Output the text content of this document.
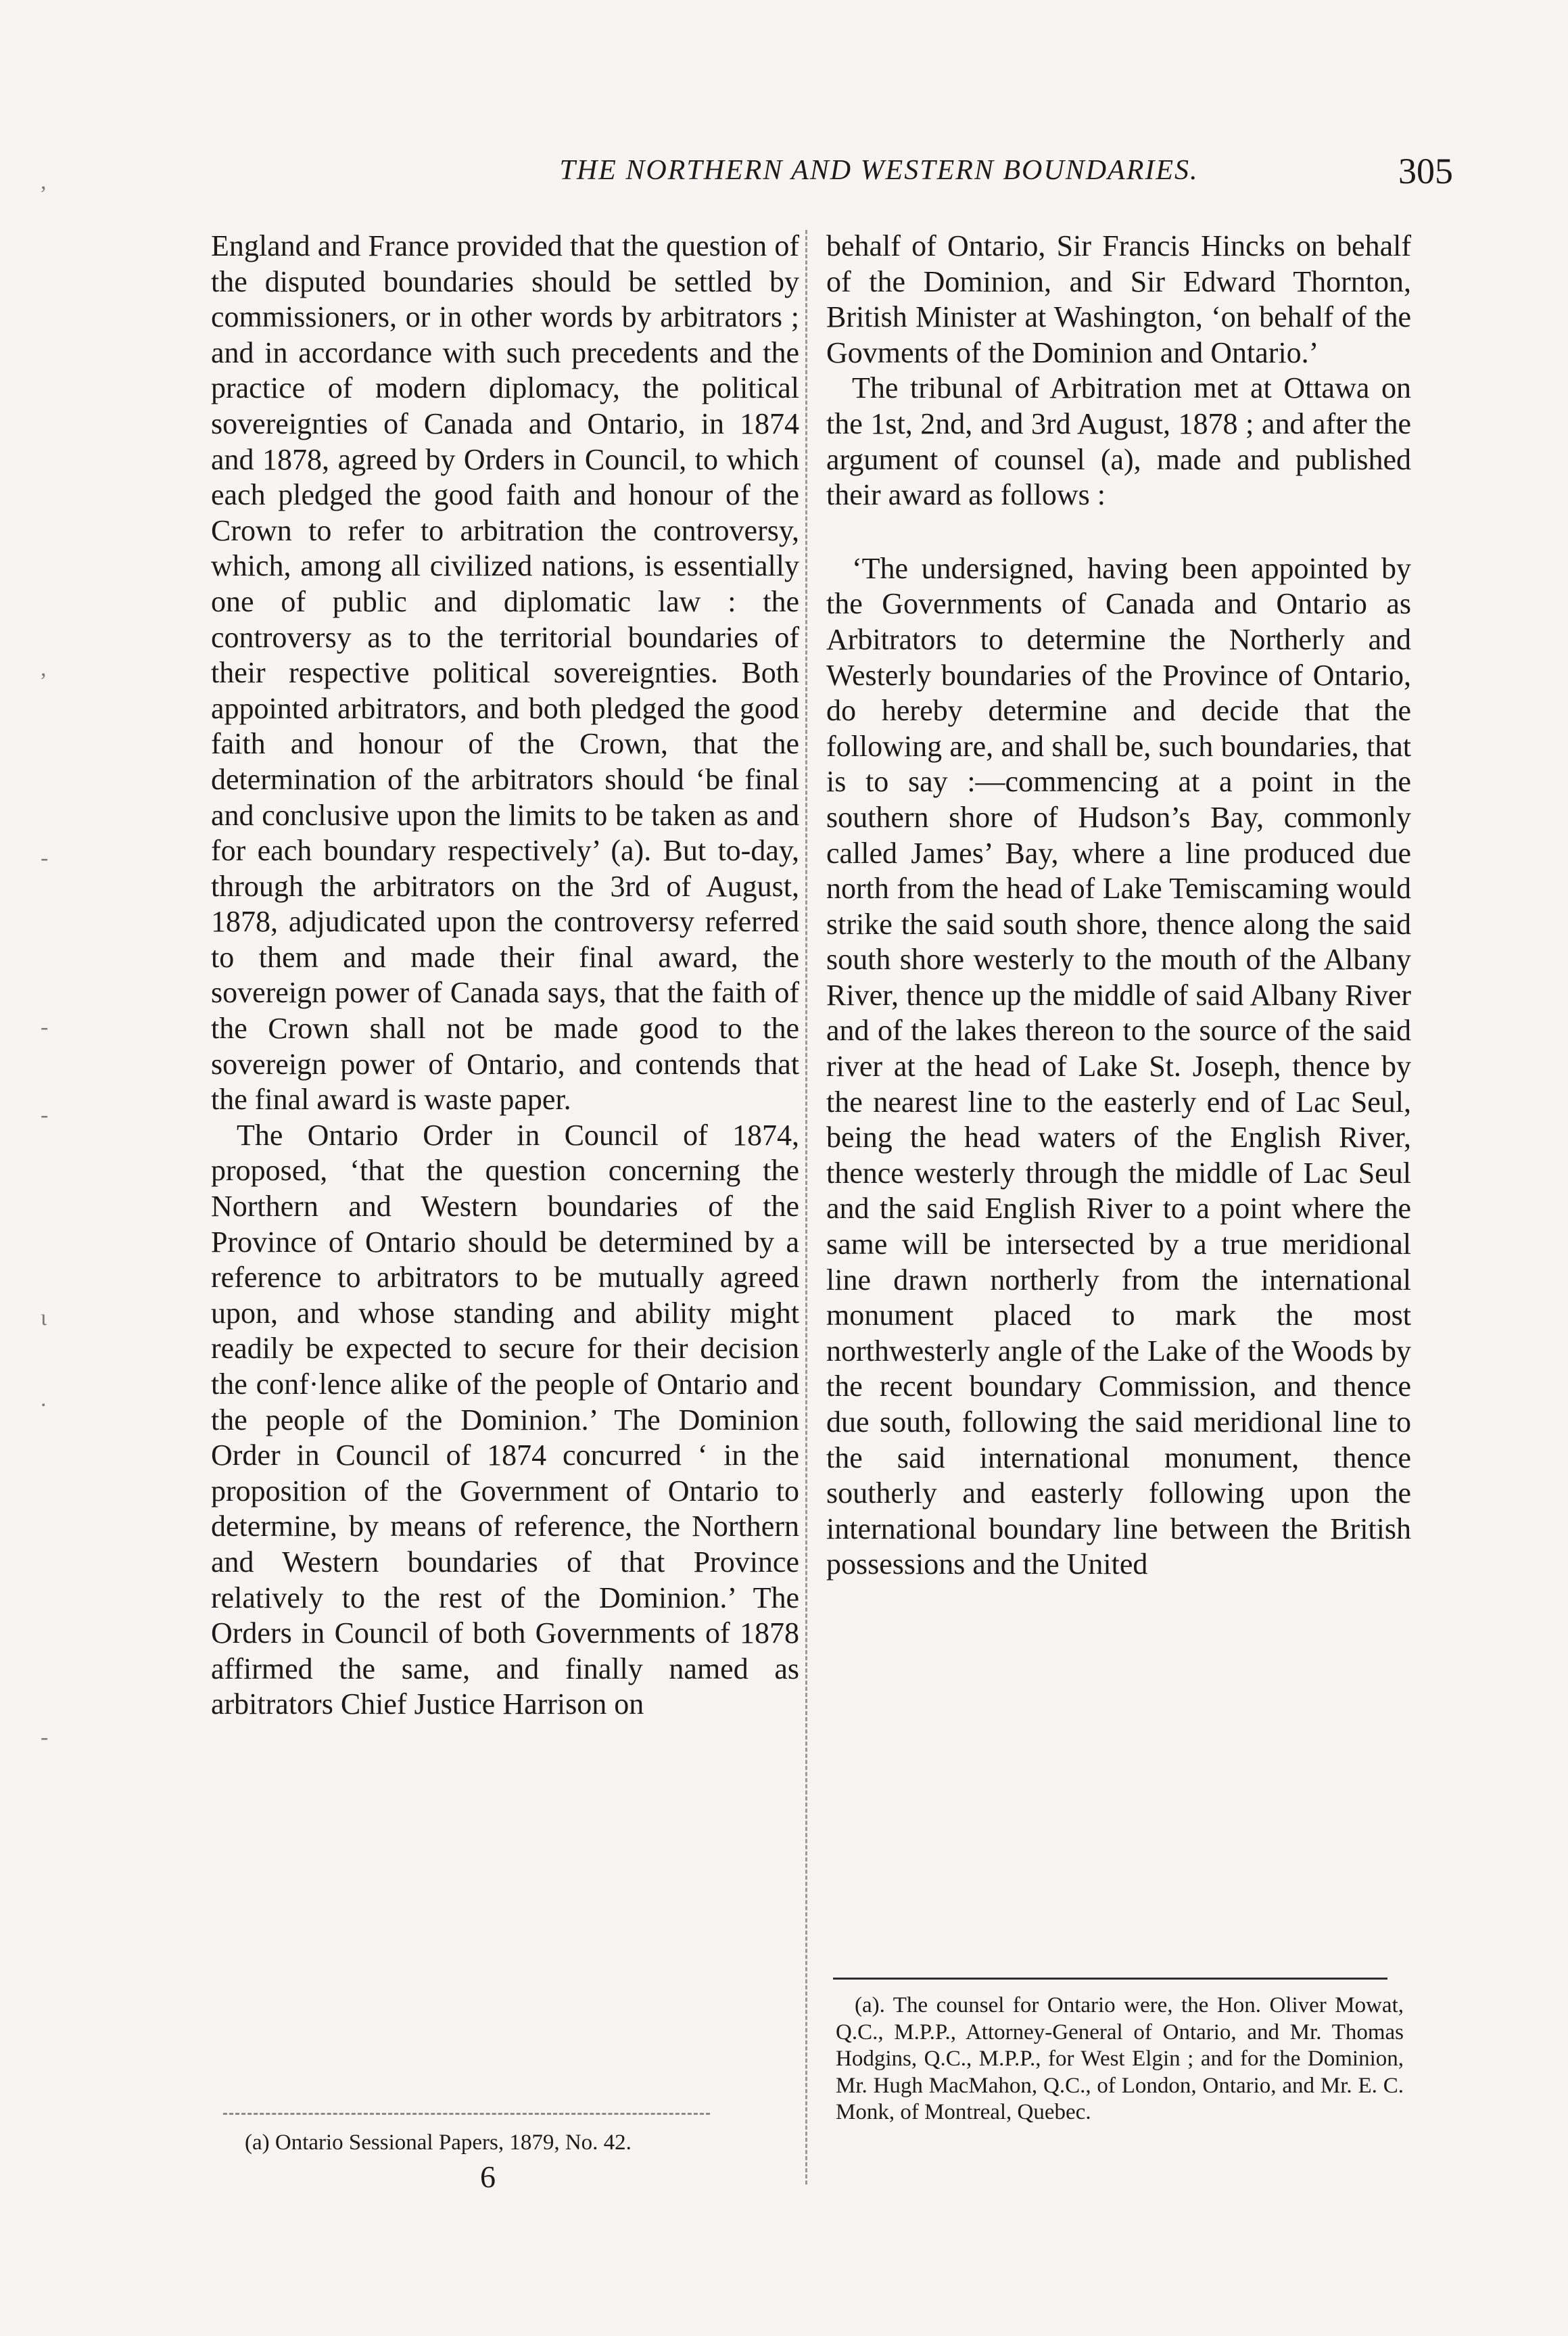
THE NORTHERN AND WESTERN BOUNDARIES.	305
,
,
-
-
-
ι
.
-

England and France provided that the question of the disputed boundaries should be settled by commissioners, or in other words by arbitrators ; and in accordance with such precedents and the practice of modern diplomacy, the political sovereignties of Canada and Ontario, in 1874 and 1878, agreed by Orders in Council, to which each pledged the good faith and honour of the Crown to refer to arbitration the controversy, which, among all civilized nations, is essentially one of public and diplomatic law : the controversy as to the territorial boundaries of their respective political sovereignties. Both appointed arbitrators, and both pledged the good faith and honour of the Crown, that the determination of the arbitrators should ‘be final and conclusive upon the limits to be taken as and for each boundary respectively’ (a). But to-day, through the arbitrators on the 3rd of August, 1878, adjudicated upon the controversy referred to them and made their final award, the sovereign power of Canada says, that the faith of the Crown shall not be made good to the sovereign power of Ontario, and contends that the final award is waste paper.

The Ontario Order in Council of 1874, proposed, ‘that the question concerning the Northern and Western boundaries of the Province of Ontario should be determined by a reference to arbitrators to be mutually agreed upon, and whose standing and ability might readily be expected to secure for their decision the conf·lence alike of the people of Ontario and the people of the Dominion.’ The Dominion Order in Council of 1874 concurred ‘ in the proposition of the Government of Ontario to determine, by means of reference, the Northern and Western boundaries of that Province relatively to the rest of the Dominion.’ The Orders in Council of both Governments of 1878 affirmed the same, and finally named as arbitrators Chief Justice Harrison on

behalf of Ontario, Sir Francis Hincks on behalf of the Dominion, and Sir Edward Thornton, British Minister at Washington, ‘on behalf of the Govments of the Dominion and Ontario.’

The tribunal of Arbitration met at Ottawa on the 1st, 2nd, and 3rd August, 1878 ; and after the argument of counsel (a), made and published their award as follows :

‘The undersigned, having been appointed by the Governments of Canada and Ontario as Arbitrators to determine the Northerly and Westerly boundaries of the Province of Ontario, do hereby determine and decide that the following are, and shall be, such boundaries, that is to say :—commencing at a point in the southern shore of Hudson’s Bay, commonly called James’ Bay, where a line produced due north from the head of Lake Temiscaming would strike the said south shore, thence along the said south shore westerly to the mouth of the Albany River, thence up the middle of said Albany River and of the lakes thereon to the source of the said river at the head of Lake St. Joseph, thence by the nearest line to the easterly end of Lac Seul, being the head waters of the English River, thence westerly through the middle of Lac Seul and the said English River to a point where the same will be intersected by a true meridional line drawn northerly from the international monument placed to mark the most northwesterly angle of the Lake of the Woods by the recent boundary Commission, and thence due south, following the said meridional line to the said international monument, thence southerly and easterly following upon the international boundary line between the British possessions and the United

(a) Ontario Sessional Papers, 1879, No. 42.
6
(a). The counsel for Ontario were, the Hon. Oliver Mowat, Q.C., M.P.P., Attorney-General of Ontario, and Mr. Thomas Hodgins, Q.C., M.P.P., for West Elgin ; and for the Dominion, Mr. Hugh MacMahon, Q.C., of London, Ontario, and Mr. E. C. Monk, of Montreal, Quebec.
